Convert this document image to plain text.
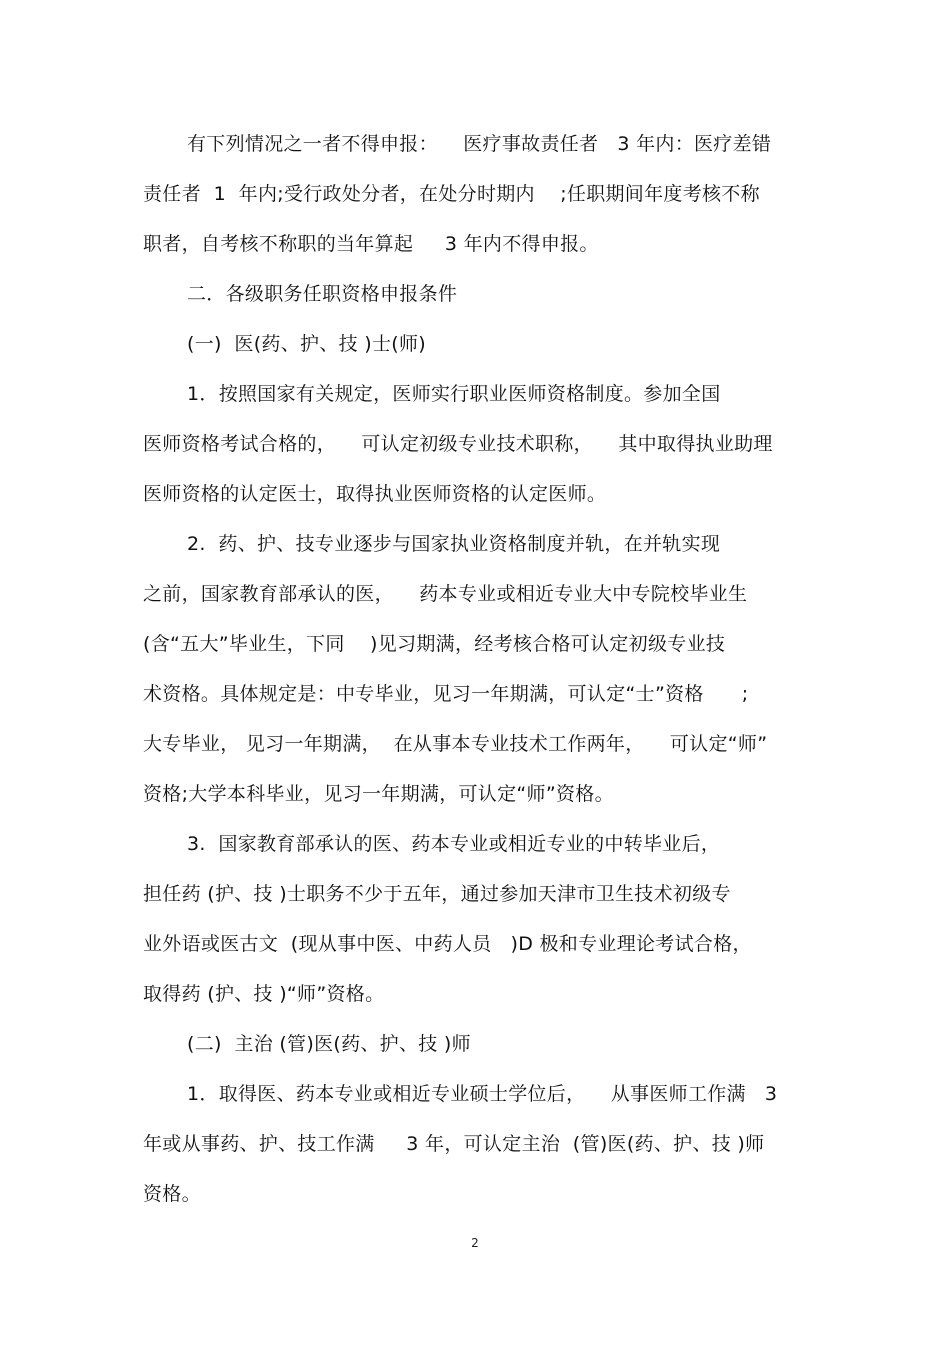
有下列情况之一者不得申报：    医疗事故责任者   3 年内：医疗差错
责任者  1  年内;受行政处分者，在处分时期内    ;任职期间年度考核不称
职者，自考核不称职的当年算起     3 年内不得申报。
二．各级职务任职资格申报条件
(一)  医(药、护、技 )士(师)
1．按照国家有关规定，医师实行职业医师资格制度。参加全国
医师资格考试合格的，    可认定初级专业技术职称，    其中取得执业助理
医师资格的认定医士，取得执业医师资格的认定医师。
2.  药、护、技专业逐步与国家执业资格制度并轨，在并轨实现
之前，国家教育部承认的医，    药本专业或相近专业大中专院校毕业生
(含“五大”毕业生，下同    )见习期满，经考核合格可认定初级专业技
术资格。具体规定是：中专毕业，见习一年期满，可认定“士”资格      ;
大专毕业， 见习一年期满，  在从事本专业技术工作两年，    可认定“师”
资格;大学本科毕业，见习一年期满，可认定“师”资格。
3.  国家教育部承认的医、药本专业或相近专业的中转毕业后，
担任药 (护、技 )士职务不少于五年，通过参加天津市卫生技术初级专
业外语或医古文  (现从事中医、中药人员   )D 极和专业理论考试合格，
取得药 (护、技 )“师”资格。
(二)  主治 (管)医(药、护、技 )师
1．取得医、药本专业或相近专业硕士学位后，    从事医师工作满   3
年或从事药、护、技工作满     3 年，可认定主治  (管)医(药、护、技 )师
资格。
2
